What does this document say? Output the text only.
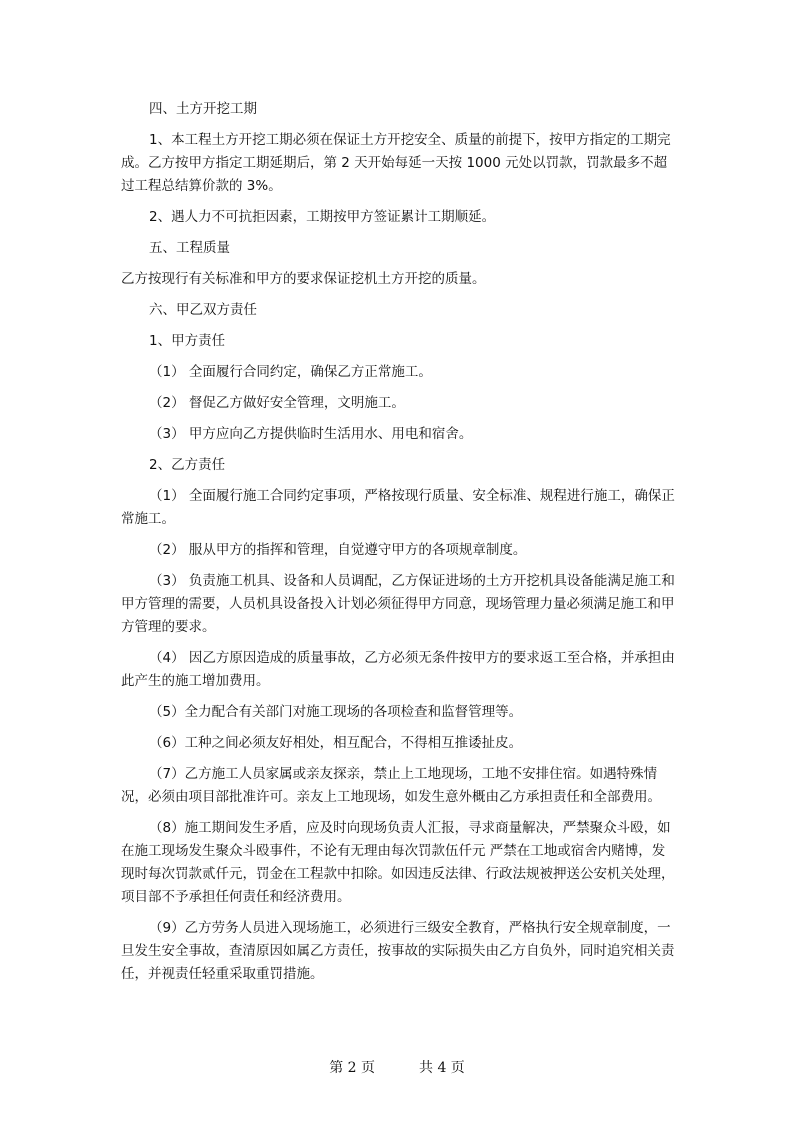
四、土方开挖工期

1、本工程土方开挖工期必须在保证土方开挖安全、质量的前提下，按甲方指定的工期完成。乙方按甲方指定工期延期后，第 2 天开始每延一天按 1000 元处以罚款，罚款最多不超过工程总结算价款的 3%。

2、遇人力不可抗拒因素，工期按甲方签证累计工期顺延。

五、工程质量

乙方按现行有关标准和甲方的要求保证挖机土方开挖的质量。

六、甲乙双方责任

1、甲方责任

（1） 全面履行合同约定，确保乙方正常施工。

（2） 督促乙方做好安全管理，文明施工。

（3） 甲方应向乙方提供临时生活用水、用电和宿舍。

2、乙方责任

（1） 全面履行施工合同约定事项，严格按现行质量、安全标准、规程进行施工，确保正常施工。

（2） 服从甲方的指挥和管理，自觉遵守甲方的各项规章制度。

（3） 负责施工机具、设备和人员调配，乙方保证进场的土方开挖机具设备能满足施工和甲方管理的需要，人员机具设备投入计划必须征得甲方同意，现场管理力量必须满足施工和甲方管理的要求。

（4） 因乙方原因造成的质量事故，乙方必须无条件按甲方的要求返工至合格，并承担由此产生的施工增加费用。

（5）全力配合有关部门对施工现场的各项检查和监督管理等。

（6）工种之间必须友好相处，相互配合，不得相互推诿扯皮。

（7）乙方施工人员家属或亲友探亲，禁止上工地现场，工地不安排住宿。如遇特殊情况，必须由项目部批准许可。亲友上工地现场，如发生意外概由乙方承担责任和全部费用。

（8）施工期间发生矛盾，应及时向现场负责人汇报，寻求商量解决，严禁聚众斗殴，如在施工现场发生聚众斗殴事件，不论有无理由每次罚款伍仟元 严禁在工地或宿舍内赌博，发现时每次罚款贰仟元，罚金在工程款中扣除。如因违反法律、行政法规被押送公安机关处理，项目部不予承担任何责任和经济费用。

（9）乙方劳务人员进入现场施工，必须进行三级安全教育，严格执行安全规章制度，一旦发生安全事故，查清原因如属乙方责任，按事故的实际损失由乙方自负外，同时追究相关责任，并视责任轻重采取重罚措施。

第 2 页	共 4 页
